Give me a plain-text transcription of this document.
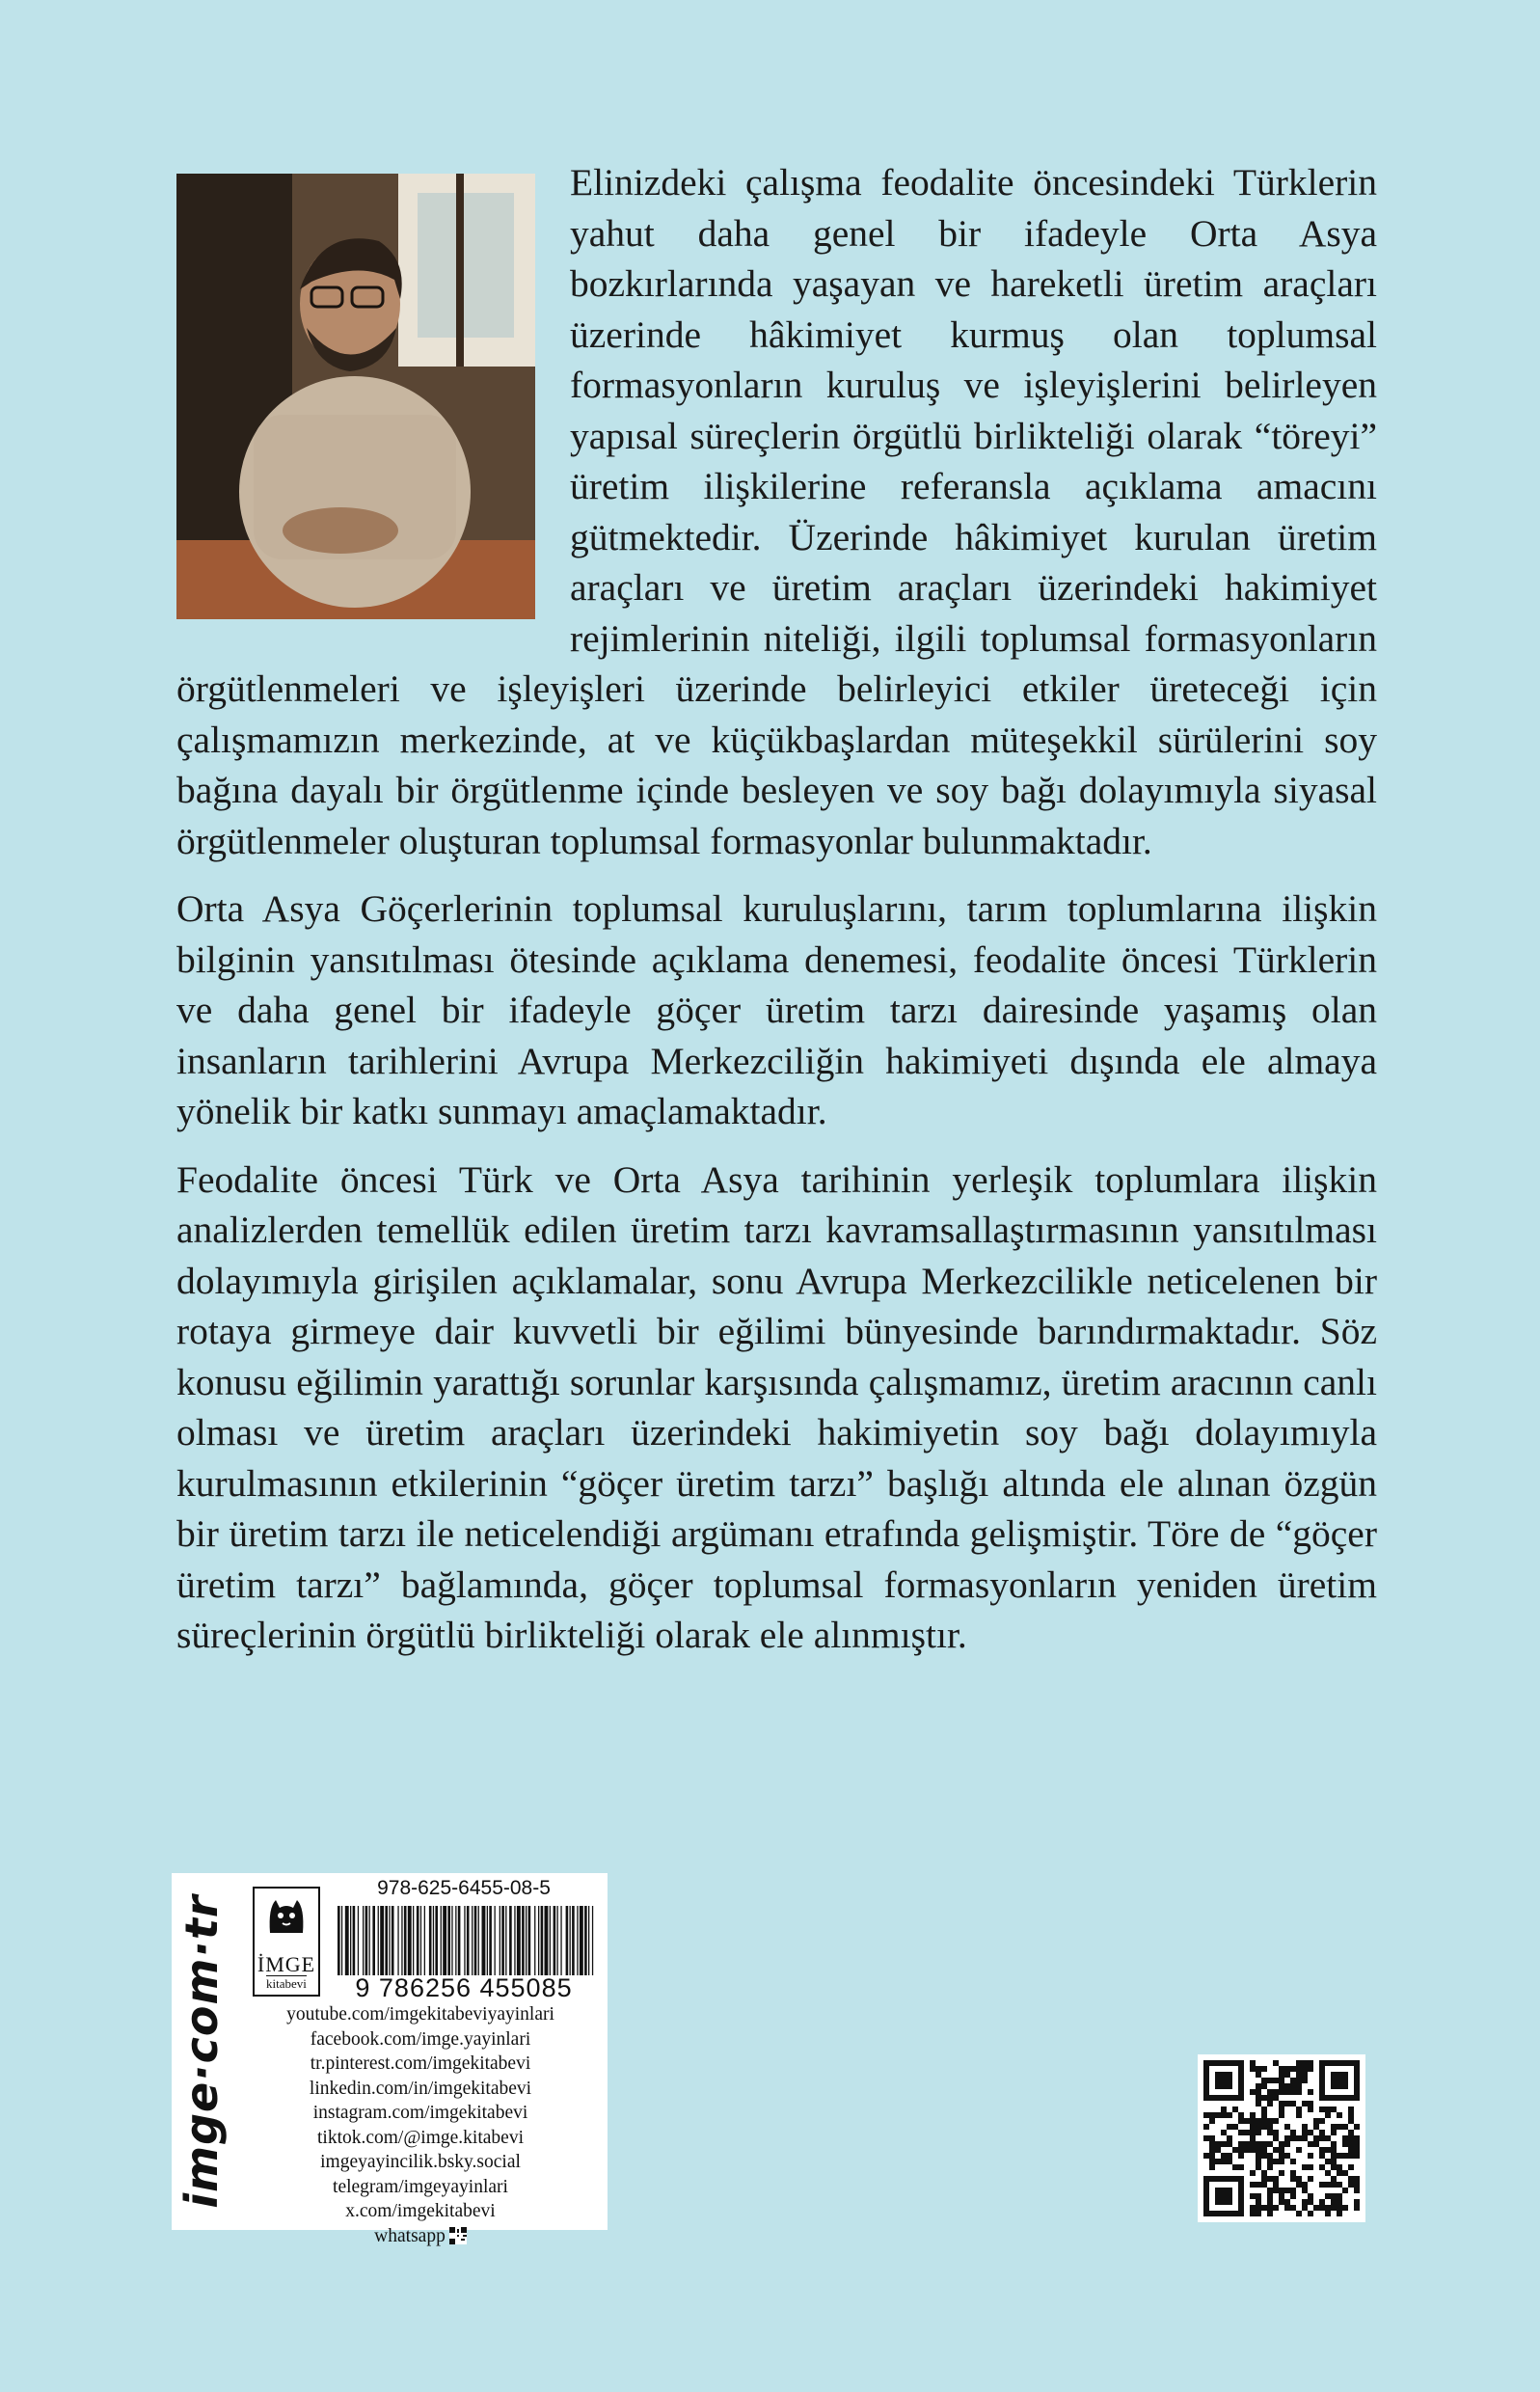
Elinizdeki çalışma feodalite öncesindeki Türklerin yahut daha genel bir ifadeyle Orta Asya bozkırlarında yaşayan ve hareketli üretim araçları üzerinde hâkimiyet kurmuş olan toplumsal formasyonların kuruluş ve işleyişlerini belirleyen yapısal süreçlerin örgütlü birlikteliği olarak “töreyi” üretim ilişkilerine referansla açıklama amacını gütmektedir. Üzerinde hâkimiyet kurulan üretim araçları ve üretim araçları üzerindeki hakimiyet rejimlerinin niteliği, ilgili toplumsal formasyonların örgütlenmeleri ve işleyişleri üzerinde belirleyici etkiler üreteceği için çalışmamızın merkezinde, at ve küçükbaşlardan müteşekkil sürülerini soy bağına dayalı bir örgütlenme içinde besleyen ve soy bağı dolayımıyla siyasal örgütlenmeler oluşturan toplumsal formasyonlar bulunmaktadır.

Orta Asya Göçerlerinin toplumsal kuruluşlarını, tarım toplumlarına ilişkin bilginin yansıtılması ötesinde açıklama denemesi, feodalite öncesi Türklerin ve daha genel bir ifadeyle göçer üretim tarzı dairesinde yaşamış olan insanların tarihlerini Avrupa Merkezciliğin hakimiyeti dışında ele almaya yönelik bir katkı sunmayı amaçlamaktadır.

Feodalite öncesi Türk ve Orta Asya tarihinin yerleşik toplumlara ilişkin analizlerden temellük edilen üretim tarzı kavramsallaştırmasının yansıtılması dolayımıyla girişilen açıklamalar, sonu Avrupa Merkezcilikle neticelenen bir rotaya girmeye dair kuvvetli bir eğilimi bünyesinde barındırmaktadır. Söz konusu eğilimin yarattığı sorunlar karşısında çalışmamız, üretim aracının canlı olması ve üretim araçları üzerindeki hakimiyetin soy bağı dolayımıyla kurulmasının etkilerinin “göçer üretim tarzı” başlığı altında ele alınan özgün bir üretim tarzı ile neticelendiği argümanı etrafında gelişmiştir. Töre de “göçer üretim tarzı” bağlamında, göçer toplumsal formasyonların yeniden üretim süreçlerinin örgütlü birlikteliği olarak ele alınmıştır.

imge·com·tr İMGE
kitabevi
978-625-6455-08-5
9 786256 455085
youtube.com/imgekitabeviyayinlari
facebook.com/imge.yayinlari
tr.pinterest.com/imgekitabevi
linkedin.com/in/imgekitabevi
instagram.com/imgekitabevi
tiktok.com/@imge.kitabevi
imgeyayincilik.bsky.social
telegram/imgeyayinlari
x.com/imgekitabevi
whatsapp
